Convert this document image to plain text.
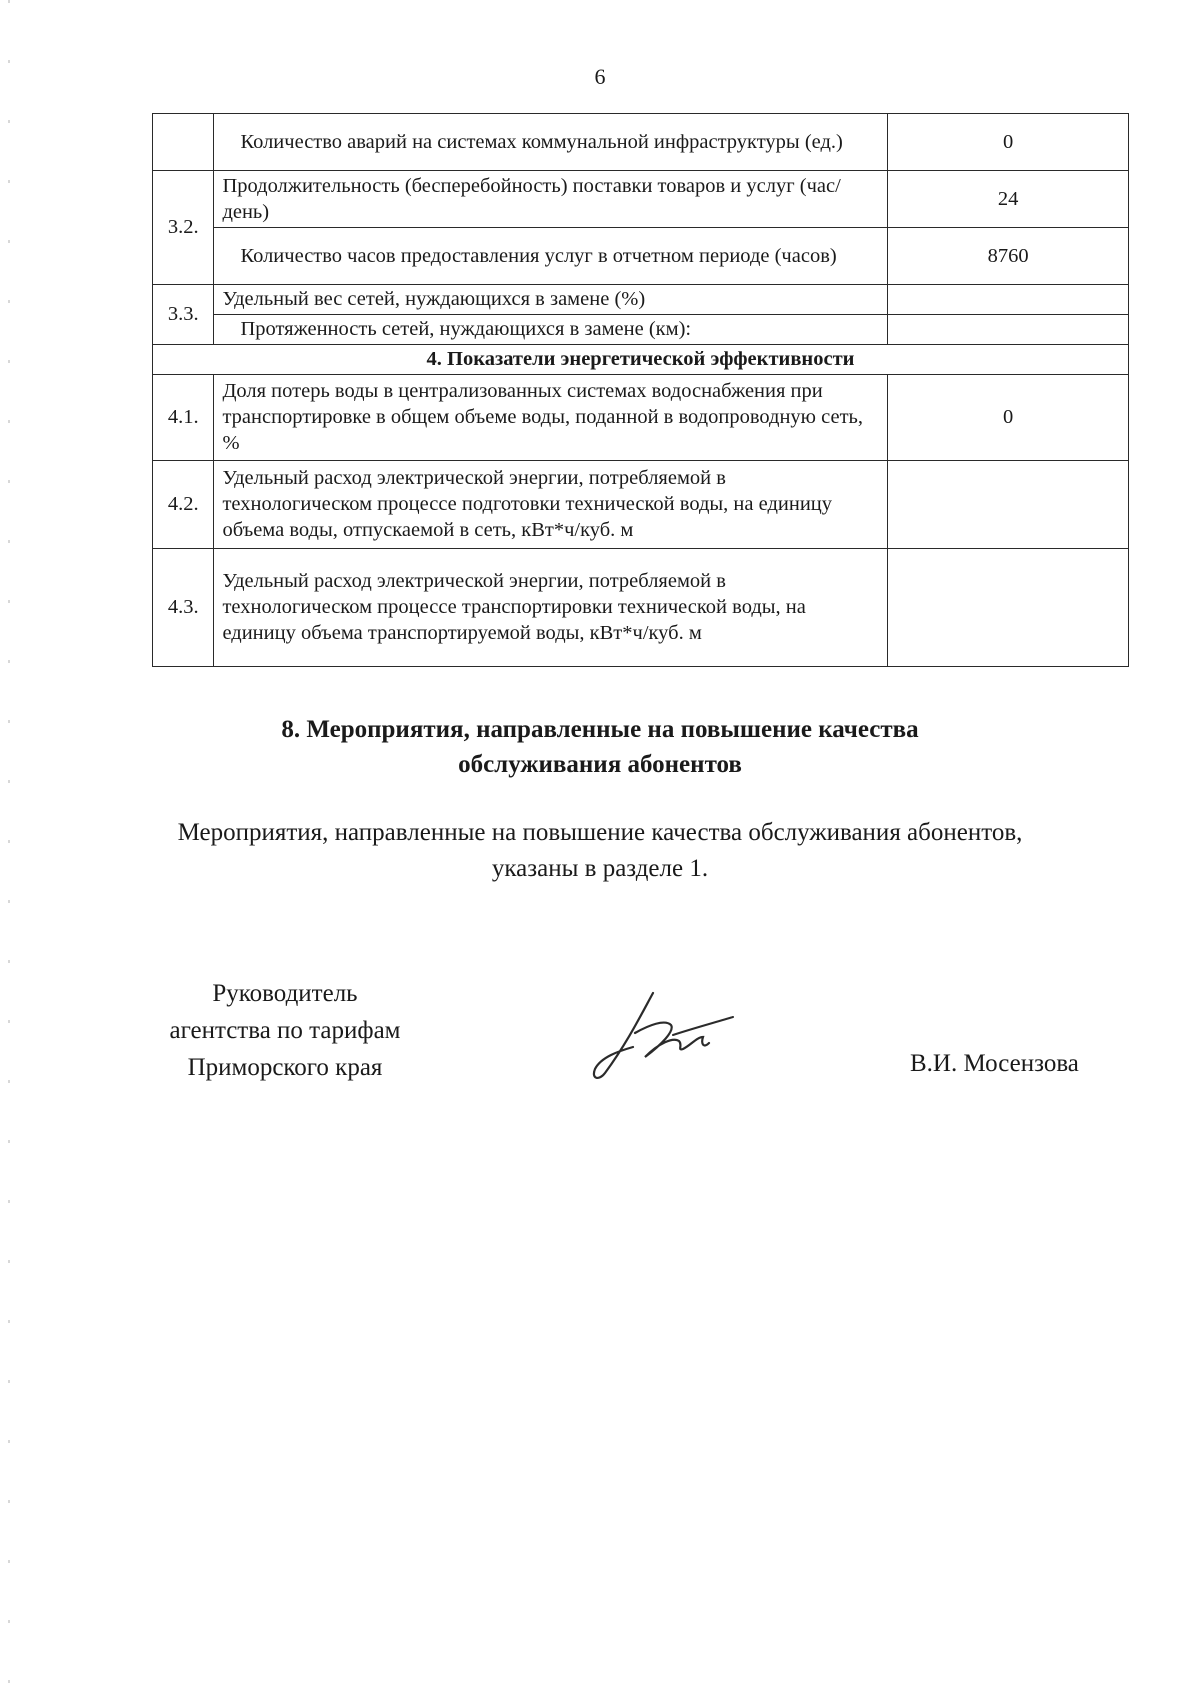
6
	Количество аварий на системах коммунальной инфраструктуры (ед.)	0
3.2.	Продолжительность (бесперебойность) поставки товаров и услуг (час/день)	24
	Количество часов предоставления услуг в отчетном периоде (часов)	8760
3.3.	Удельный вес сетей, нуждающихся в замене (%)	
	Протяженность сетей, нуждающихся в замене (км):	
4. Показатели энергетической эффективности		
4.1.	Доля потерь воды в централизованных системах водоснабжения при транспортировке в общем объеме воды, поданной в водопроводную сеть, %	0
4.2.	Удельный расход электрической энергии, потребляемой в технологическом процессе подготовки технической воды, на единицу объема воды, отпускаемой в сеть, кВт*ч/куб. м	
4.3.	Удельный расход электрической энергии, потребляемой в технологическом процессе транспортировки технической воды, на единицу объема транспортируемой воды, кВт*ч/куб. м	
8. Мероприятия, направленные на повышение качества
обслуживания абонентов
Мероприятия, направленные на повышение качества обслуживания абонентов,
указаны в разделе 1.
Руководитель
агентства по тарифам
Приморского края	В.И. Мосензова
